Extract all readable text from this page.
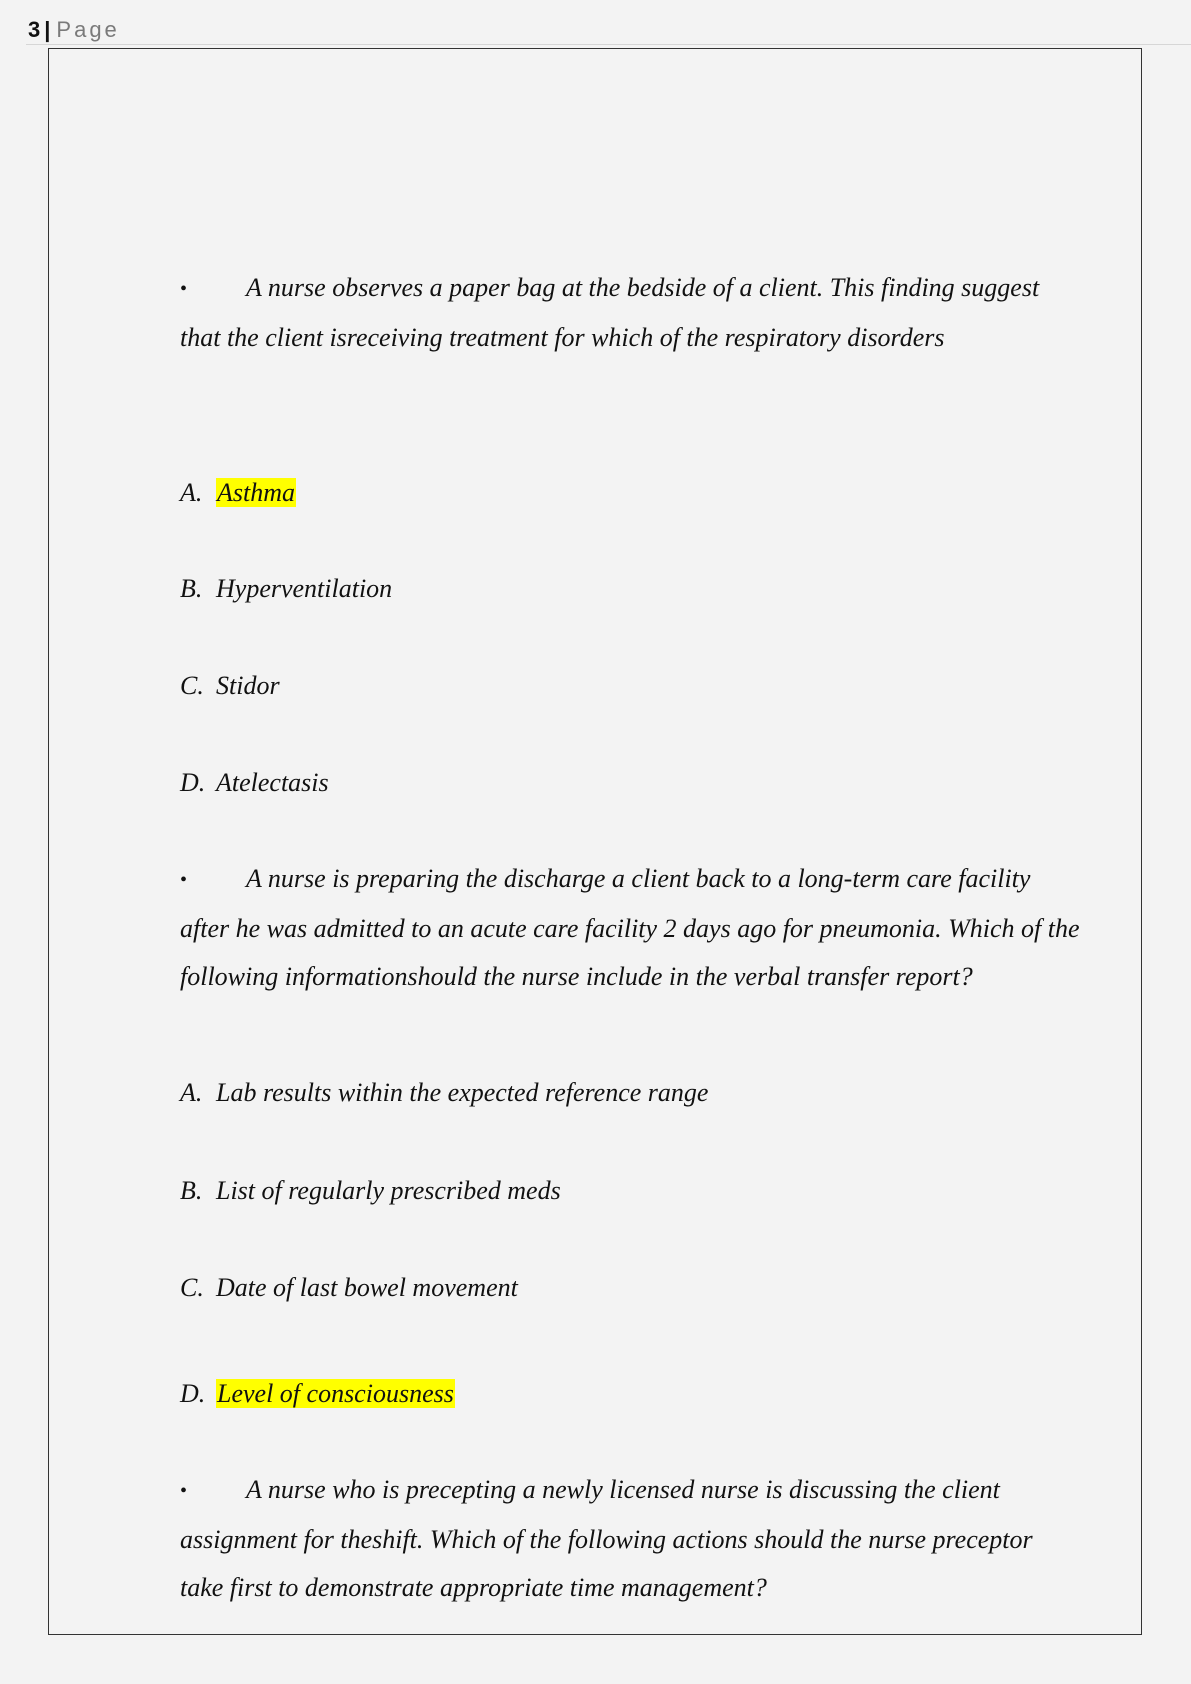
3 | Page

• A nurse observes a paper bag at the bedside of a client. This finding suggest that the client isreceiving treatment for which of the respiratory disorders

A. Asthma
B. Hyperventilation
C. Stidor
D. Atelectasis

• A nurse is preparing the discharge a client back to a long-term care facility after he was admitted to an acute care facility 2 days ago for pneumonia. Which of the following informationshould the nurse include in the verbal transfer report?

A. Lab results within the expected reference range
B. List of regularly prescribed meds
C. Date of last bowel movement
D. Level of consciousness

• A nurse who is precepting a newly licensed nurse is discussing the client assignment for theshift. Which of the following actions should the nurse preceptor take first to demonstrate appropriate time management?
